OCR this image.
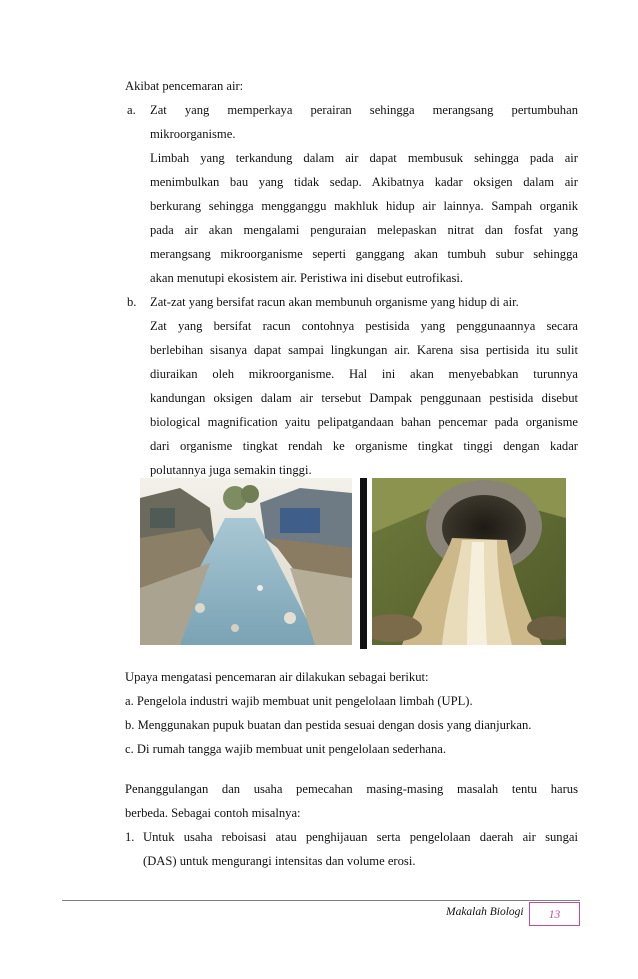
Akibat pencemaran air:
a. Zat yang memperkaya perairan sehingga merangsang pertumbuhan
mikroorganisme.
Limbah yang terkandung dalam air dapat membusuk sehingga pada air
menimbulkan bau yang tidak sedap. Akibatnya kadar oksigen dalam air
berkurang sehingga mengganggu makhluk hidup air lainnya. Sampah organik
pada air akan mengalami penguraian melepaskan nitrat dan fosfat yang
merangsang mikroorganisme seperti ganggang akan tumbuh subur sehingga
akan menutupi ekosistem air. Peristiwa ini disebut eutrofikasi.
b. Zat-zat yang bersifat racun akan membunuh organisme yang hidup di air.
Zat yang bersifat racun contohnya pestisida yang penggunaannya secara
berlebihan sisanya dapat sampai lingkungan air. Karena sisa pertisida itu sulit
diuraikan oleh mikroorganisme. Hal ini akan menyebabkan turunnya
kandungan oksigen dalam air tersebut Dampak penggunaan pestisida disebut
biological magnification yaitu pelipatgandaan bahan pencemar pada organisme
dari organisme tingkat rendah ke organisme tingkat tinggi dengan kadar
polutannya juga semakin tinggi.
Upaya mengatasi pencemaran air dilakukan sebagai berikut:
a. Pengelola industri wajib membuat unit pengelolaan limbah (UPL).
b. Menggunakan pupuk buatan dan pestida sesuai dengan dosis yang dianjurkan.
c. Di rumah tangga wajib membuat unit pengelolaan sederhana.
Penanggulangan dan usaha pemecahan masing-masing masalah tentu harus
berbeda. Sebagai contoh misalnya:
1. Untuk usaha reboisasi atau penghijauan serta pengelolaan daerah air sungai
(DAS) untuk mengurangi intensitas dan volume erosi.
Makalah Biologi	13
